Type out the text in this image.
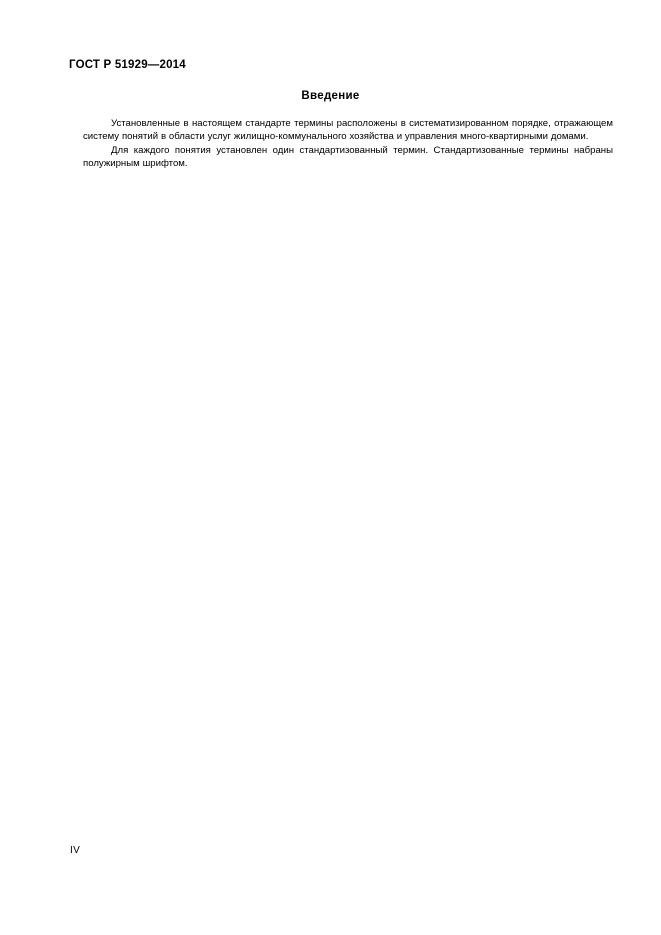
ГОСТ Р 51929—2014
Введение

Установленные в настоящем стандарте термины расположены в систематизированном порядке, отражающем систему понятий в области услуг жилищно-коммунального хозяйства и управления много-квартирными домами.

Для каждого понятия установлен один стандартизованный термин. Стандартизованные термины набраны полужирным шрифтом.

IV
